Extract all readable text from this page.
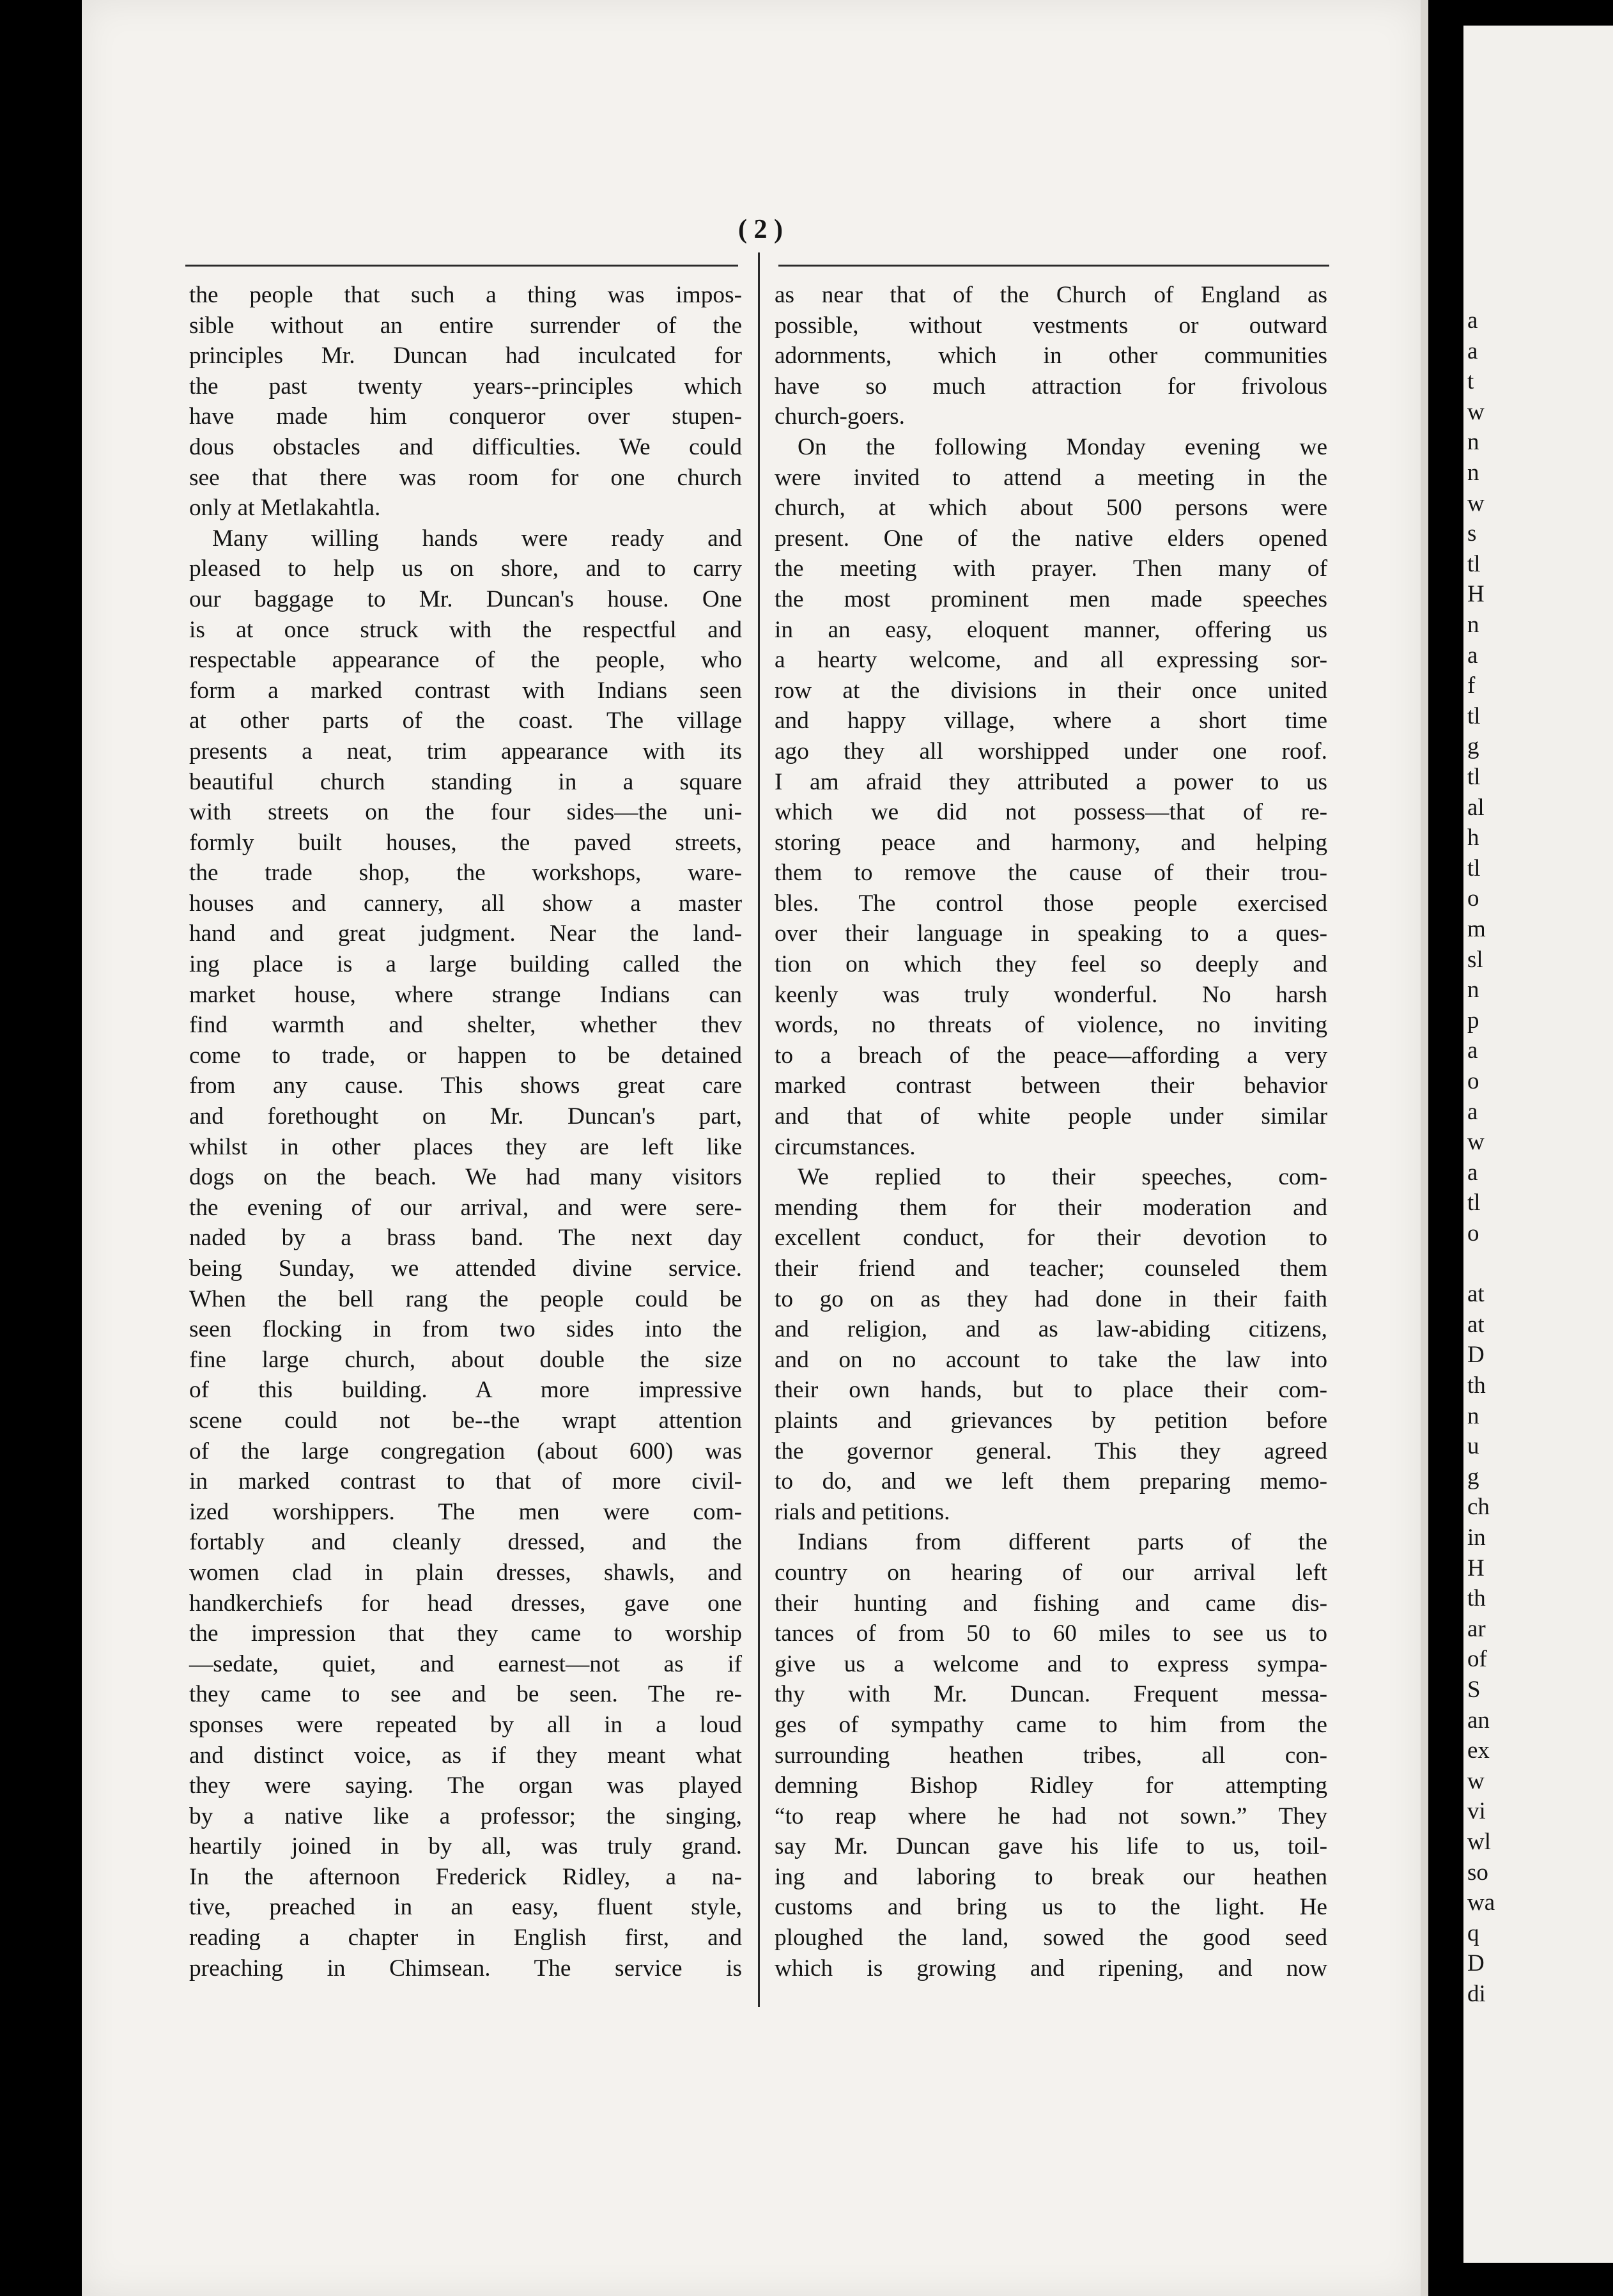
a
a
t
w
n
n
w
s
tl
H
n
a
f
tl
g
tl
al
h
tl
o
m
sl
n
p
a
o
a
w
a
tl
o
at
at
D
th
n
u
g
ch
in
H
th
ar
of
S
an
ex
w
vi
wl
so
wa
q
D
di
( 2 )
the people that such a thing was impos-
sible without an entire surrender of the
principles Mr. Duncan had inculcated for
the past twenty years--principles which
have made him conqueror over stupen-
dous obstacles and difficulties. We could
see that there was room for one church
only at Metlakahtla.
Many willing hands were ready and
pleased to help us on shore, and to carry
our baggage to Mr. Duncan's house. One
is at once struck with the respectful and
respectable appearance of the people, who
form a marked contrast with Indians seen
at other parts of the coast. The village
presents a neat, trim appearance with its
beautiful church standing in a square
with streets on the four sides—the uni-
formly built houses, the paved streets,
the trade shop, the workshops, ware-
houses and cannery, all show a master
hand and great judgment. Near the land-
ing place is a large building called the
market house, where strange Indians can
find warmth and shelter, whether thev
come to trade, or happen to be detained
from any cause. This shows great care
and forethought on Mr. Duncan's part,
whilst in other places they are left like
dogs on the beach. We had many visitors
the evening of our arrival, and were sere-
naded by a brass band. The next day
being Sunday, we attended divine service.
When the bell rang the people could be
seen flocking in from two sides into the
fine large church, about double the size
of this building. A more impressive
scene could not be--the wrapt attention
of the large congregation (about 600) was
in marked contrast to that of more civil-
ized worshippers. The men were com-
fortably and cleanly dressed, and the
women clad in plain dresses, shawls, and
handkerchiefs for head dresses, gave one
the impression that they came to worship
—sedate, quiet, and earnest—not as if
they came to see and be seen. The re-
sponses were repeated by all in a loud
and distinct voice, as if they meant what
they were saying. The organ was played
by a native like a professor; the singing,
heartily joined in by all, was truly grand.
In the afternoon Frederick Ridley, a na-
tive, preached in an easy, fluent style,
reading a chapter in English first, and
preaching in Chimsean. The service is
as near that of the Church of England as
possible, without vestments or outward
adornments, which in other communities
have so much attraction for frivolous
church-goers.
On the following Monday evening we
were invited to attend a meeting in the
church, at which about 500 persons were
present. One of the native elders opened
the meeting with prayer. Then many of
the most prominent men made speeches
in an easy, eloquent manner, offering us
a hearty welcome, and all expressing sor-
row at the divisions in their once united
and happy village, where a short time
ago they all worshipped under one roof.
I am afraid they attributed a power to us
which we did not possess—that of re-
storing peace and harmony, and helping
them to remove the cause of their trou-
bles. The control those people exercised
over their language in speaking to a ques-
tion on which they feel so deeply and
keenly was truly wonderful. No harsh
words, no threats of violence, no inviting
to a breach of the peace—affording a very
marked contrast between their behavior
and that of white people under similar
circumstances.
We replied to their speeches, com-
mending them for their moderation and
excellent conduct, for their devotion to
their friend and teacher; counseled them
to go on as they had done in their faith
and religion, and as law-abiding citizens,
and on no account to take the law into
their own hands, but to place their com-
plaints and grievances by petition before
the governor general. This they agreed
to do, and we left them preparing memo-
rials and petitions.
Indians from different parts of the
country on hearing of our arrival left
their hunting and fishing and came dis-
tances of from 50 to 60 miles to see us to
give us a welcome and to express sympa-
thy with Mr. Duncan. Frequent messa-
ges of sympathy came to him from the
surrounding heathen tribes, all con-
demning Bishop Ridley for attempting
“to reap where he had not sown.” They
say Mr. Duncan gave his life to us, toil-
ing and laboring to break our heathen
customs and bring us to the light. He
ploughed the land, sowed the good seed
which is growing and ripening, and now
